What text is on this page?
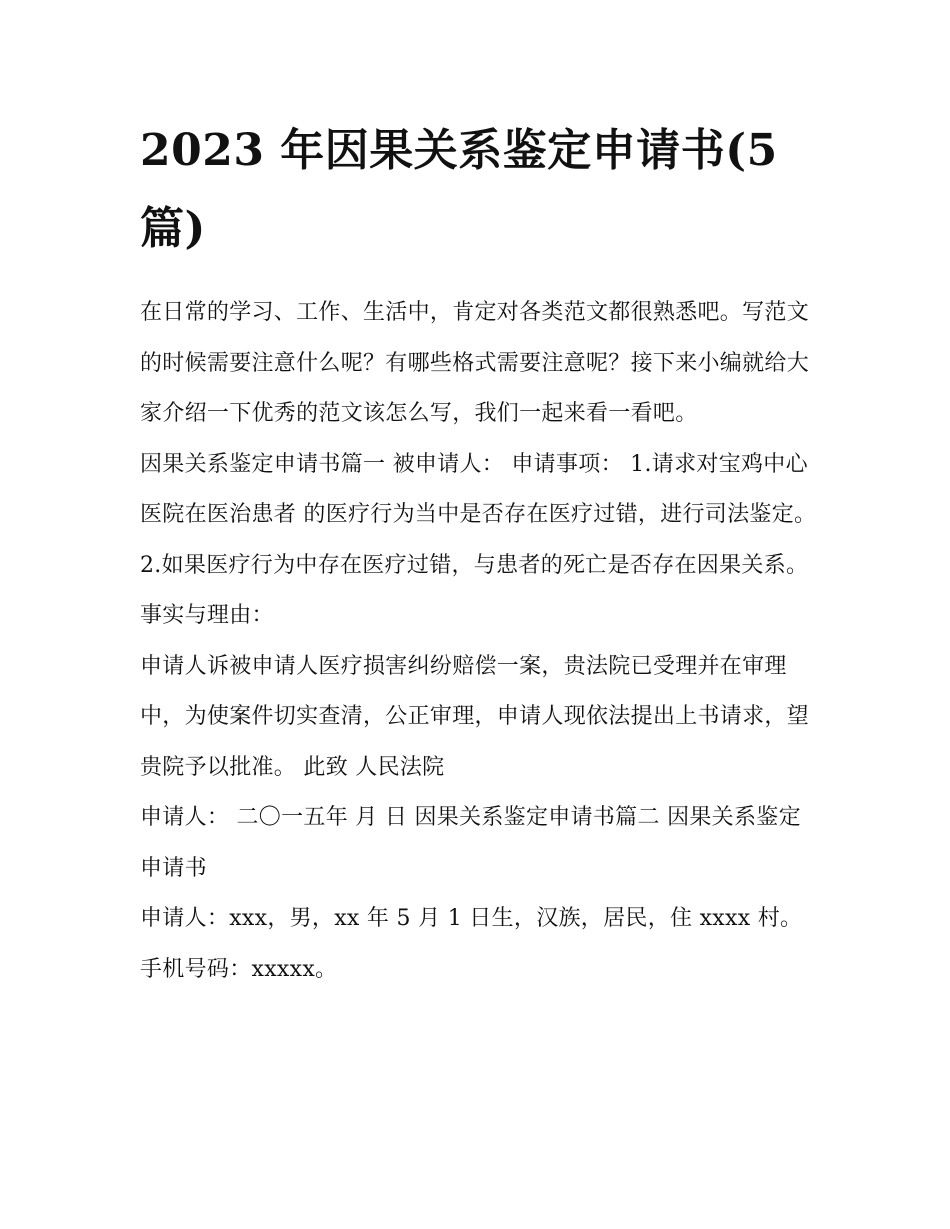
2023 年因果关系鉴定申请书(5篇)

在日常的学习、工作、生活中，肯定对各类范文都很熟悉吧。写范文的时候需要注意什么呢？有哪些格式需要注意呢？接下来小编就给大家介绍一下优秀的范文该怎么写，我们一起来看一看吧。

因果关系鉴定申请书篇一 被申请人： 申请事项： 1.请求对宝鸡中心医院在医治患者 的医疗行为当中是否存在医疗过错，进行司法鉴定。

2.如果医疗行为中存在医疗过错，与患者的死亡是否存在因果关系。 事实与理由：

申请人诉被申请人医疗损害纠纷赔偿一案，贵法院已受理并在审理中，为使案件切实查清，公正审理，申请人现依法提出上书请求，望贵院予以批准。 此致 人民法院

申请人： 二〇一五年 月 日 因果关系鉴定申请书篇二 因果关系鉴定申请书

申请人：xxx，男，xx 年 5 月 1 日生，汉族，居民，住 xxxx 村。手机号码：xxxxx。
